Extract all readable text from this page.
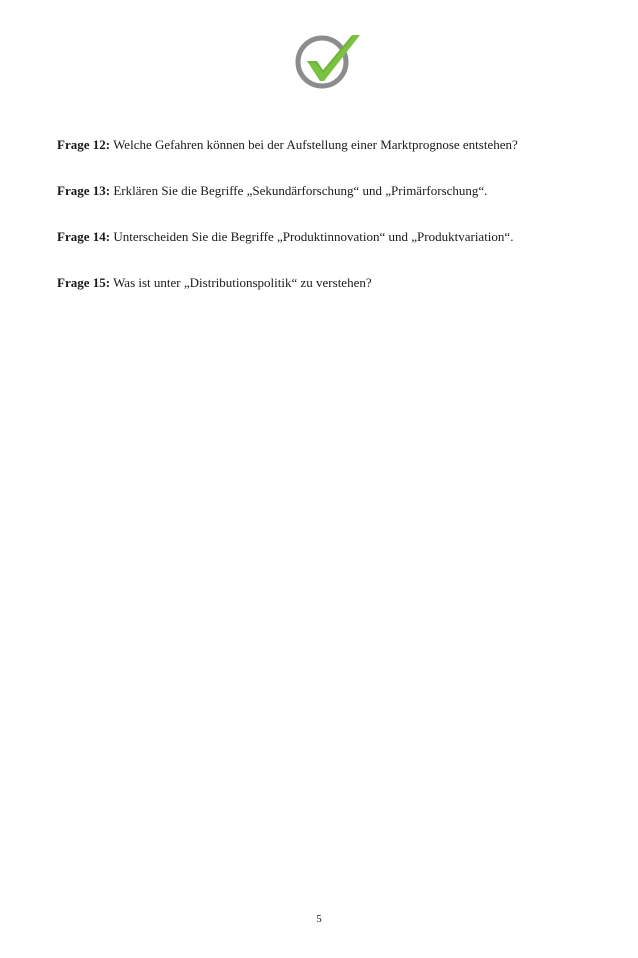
Frage 12: Welche Gefahren können bei der Aufstellung einer Marktprognose entstehen?
Frage 13: Erklären Sie die Begriffe „Sekundärforschung“ und „Primärforschung“.
Frage 14: Unterscheiden Sie die Begriffe „Produktinnovation“ und „Produktvariation“.
Frage 15: Was ist unter „Distributionspolitik“ zu verstehen?
5
